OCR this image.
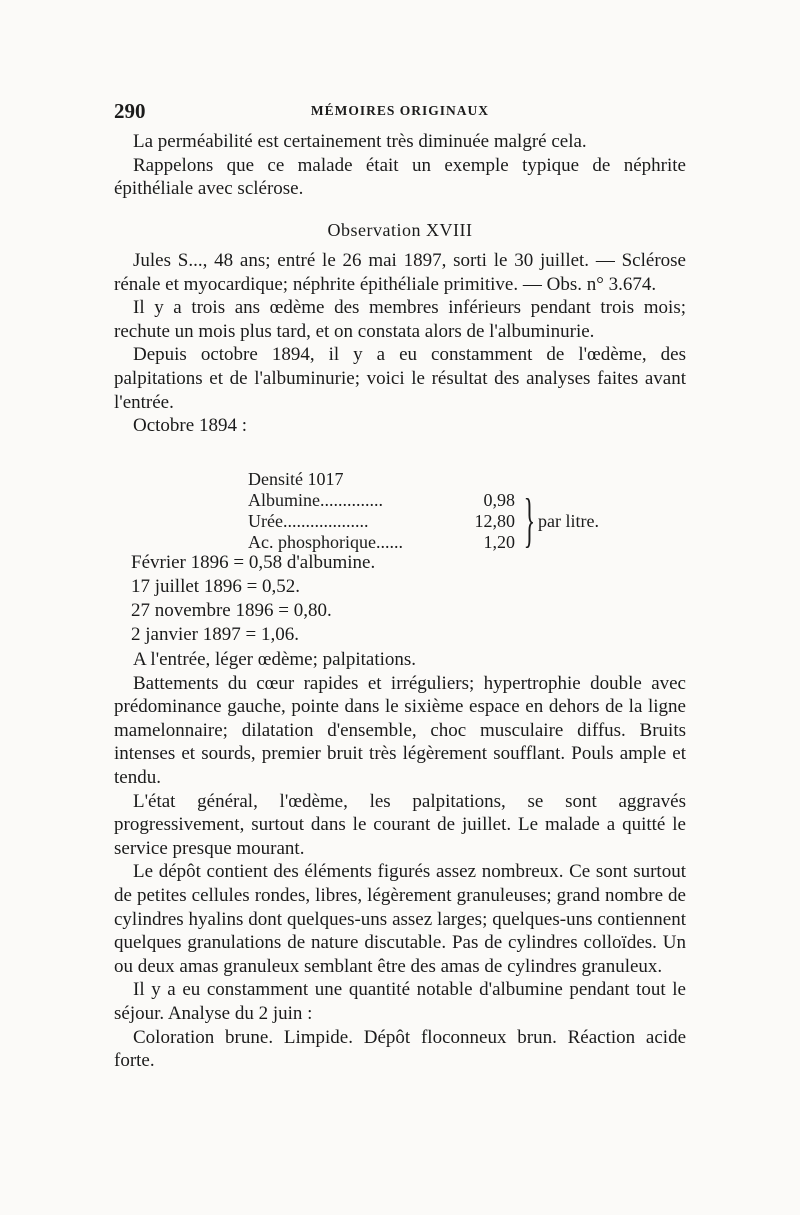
290	MÉMOIRES ORIGINAUX

La perméabilité est certainement très diminuée malgré cela.

Rappelons que ce malade était un exemple typique de néphrite épithéliale avec sclérose.

Observation XVIII

Jules S..., 48 ans; entré le 26 mai 1897, sorti le 30 juillet. — Sclérose rénale et myocardique; néphrite épithéliale primitive. — Obs. n° 3.674.

Il y a trois ans œdème des membres inférieurs pendant trois mois; rechute un mois plus tard, et on constata alors de l'albuminurie.

Depuis octobre 1894, il y a eu constamment de l'œdème, des palpitations et de l'albuminurie; voici le résultat des analyses faites avant l'entrée.

Octobre 1894 :

Densité 1017
Albumine..............
Urée...................
Ac. phosphorique......
0,98
12,80
1,20 } par litre.
Février 1896 = 0,58 d'albumine.
17 juillet 1896 = 0,52.
27 novembre 1896 = 0,80.
2 janvier 1897 = 1,06.

A l'entrée, léger œdème; palpitations.

Battements du cœur rapides et irréguliers; hypertrophie double avec prédominance gauche, pointe dans le sixième espace en dehors de la ligne mamelonnaire; dilatation d'ensemble, choc musculaire diffus. Bruits intenses et sourds, premier bruit très légèrement soufflant. Pouls ample et tendu.

L'état général, l'œdème, les palpitations, se sont aggravés progressivement, surtout dans le courant de juillet. Le malade a quitté le service presque mourant.

Le dépôt contient des éléments figurés assez nombreux. Ce sont surtout de petites cellules rondes, libres, légèrement granuleuses; grand nombre de cylindres hyalins dont quelques-uns assez larges; quelques-uns contiennent quelques granulations de nature discutable. Pas de cylindres colloïdes. Un ou deux amas granuleux semblant être des amas de cylindres granuleux.

Il y a eu constamment une quantité notable d'albumine pendant tout le séjour. Analyse du 2 juin :

Coloration brune. Limpide. Dépôt floconneux brun. Réaction acide forte.
